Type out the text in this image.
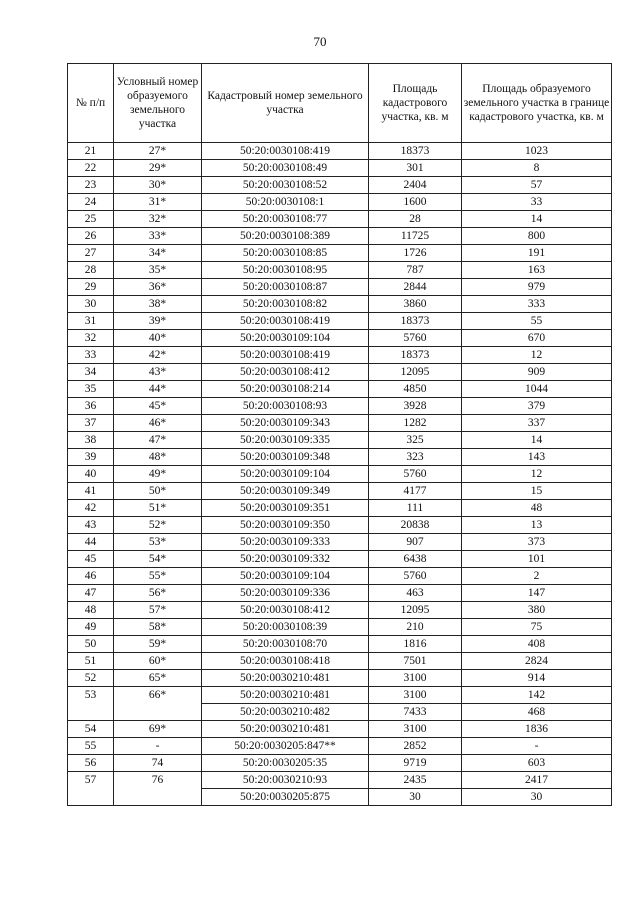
70
№ п/п	Условный номер образуемого земельного участка	Кадастровый номер земельного участка	Площадь кадастрового участка, кв. м	Площадь образуемого земельного участка в границе кадастрового участка, кв. м
21	27*	50:20:0030108:419	18373	1023
22	29*	50:20:0030108:49	301	8
23	30*	50:20:0030108:52	2404	57
24	31*	50:20:0030108:1	1600	33
25	32*	50:20:0030108:77	28	14
26	33*	50:20:0030108:389	11725	800
27	34*	50:20:0030108:85	1726	191
28	35*	50:20:0030108:95	787	163
29	36*	50:20:0030108:87	2844	979
30	38*	50:20:0030108:82	3860	333
31	39*	50:20:0030108:419	18373	55
32	40*	50:20:0030109:104	5760	670
33	42*	50:20:0030108:419	18373	12
34	43*	50:20:0030108:412	12095	909
35	44*	50:20:0030108:214	4850	1044
36	45*	50:20:0030108:93	3928	379
37	46*	50:20:0030109:343	1282	337
38	47*	50:20:0030109:335	325	14
39	48*	50:20:0030109:348	323	143
40	49*	50:20:0030109:104	5760	12
41	50*	50:20:0030109:349	4177	15
42	51*	50:20:0030109:351	111	48
43	52*	50:20:0030109:350	20838	13
44	53*	50:20:0030109:333	907	373
45	54*	50:20:0030109:332	6438	101
46	55*	50:20:0030109:104	5760	2
47	56*	50:20:0030109:336	463	147
48	57*	50:20:0030108:412	12095	380
49	58*	50:20:0030108:39	210	75
50	59*	50:20:0030108:70	1816	408
51	60*	50:20:0030108:418	7501	2824
52	65*	50:20:0030210:481	3100	914
53	66*	50:20:0030210:481	3100	142
		50:20:0030210:482	7433	468
54	69*	50:20:0030210:481	3100	1836
55	-	50:20:0030205:847**	2852	-
56	74	50:20:0030205:35	9719	603
57	76	50:20:0030210:93	2435	2417
		50:20:0030205:875	30	30
